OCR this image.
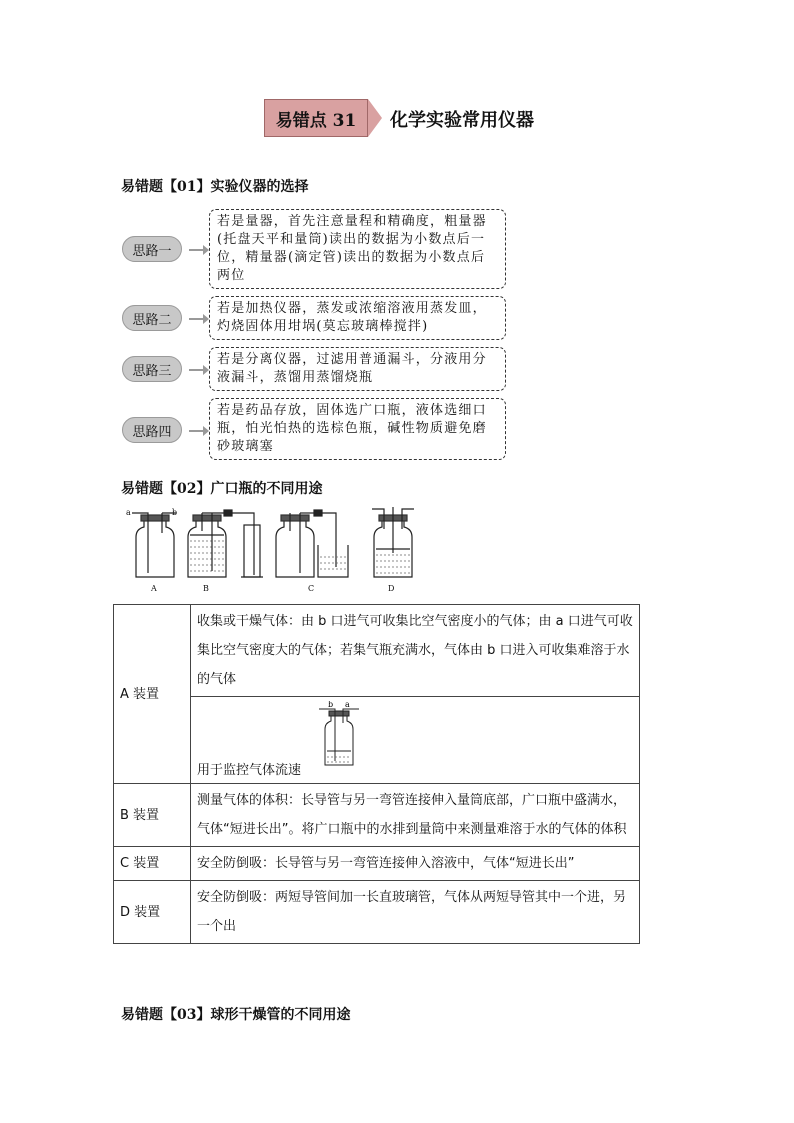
易错点 31	化学实验常用仪器
易错题【01】实验仪器的选择
思路一
若是量器，首先注意量程和精确度，粗量器(托盘天平和量筒)读出的数据为小数点后一位，精量器(滴定管)读出的数据为小数点后两位
思路二
若是加热仪器，蒸发或浓缩溶液用蒸发皿，灼烧固体用坩埚(莫忘玻璃棒搅拌)
思路三
若是分离仪器，过滤用普通漏斗，分液用分液漏斗，蒸馏用蒸馏烧瓶
思路四
若是药品存放，固体选广口瓶，液体选细口瓶，怕光怕热的选棕色瓶，碱性物质避免磨砂玻璃塞
易错题【02】广口瓶的不同用途
a	b
A	B	C	D
A 装置	收集或干燥气体：由 b 口进气可收集比空气密度小的气体；由 a 口进气可收集比空气密度大的气体；若集气瓶充满水，气体由 b 口进入可收集难溶于水的气体

b a
用于监控气体流速

B 装置	测量气体的体积：长导管与另一弯管连接伸入量筒底部，广口瓶中盛满水，气体“短进长出”。将广口瓶中的水排到量筒中来测量难溶于水的气体的体积
C 装置	安全防倒吸：长导管与另一弯管连接伸入溶液中，气体“短进长出”
D 装置	安全防倒吸：两短导管间加一长直玻璃管，气体从两短导管其中一个进，另一个出
易错题【03】球形干燥管的不同用途
